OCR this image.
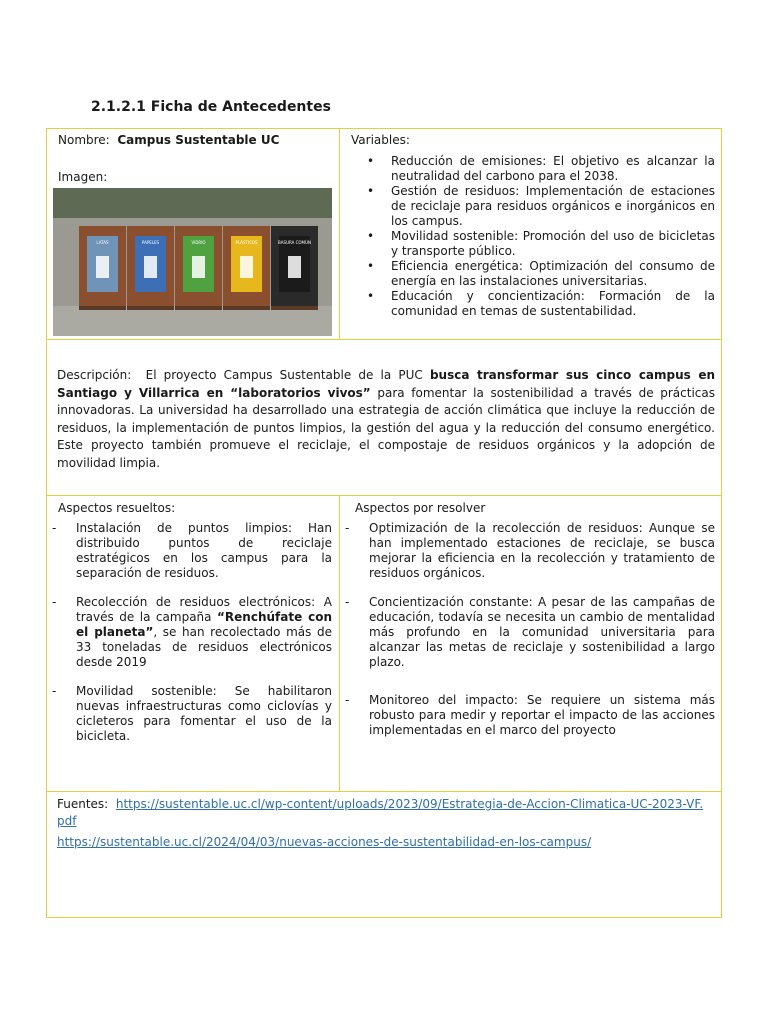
2.1.2.1 Ficha de Antecedentes
Nombre: Campus Sustentable UC
Imagen:
LATAS	PAPELES	VIDRIO	PLÁSTICOS	BASURA COMÚN
Variables:
• Reducción de emisiones: El objetivo es alcanzar la neutralidad del carbono para el 2038.
• Gestión de residuos: Implementación de estaciones de reciclaje para residuos orgánicos e inorgánicos en los campus.
• Movilidad sostenible: Promoción del uso de bicicletas y transporte público.
• Eficiencia energética: Optimización del consumo de energía en las instalaciones universitarias.
• Educación y concientización: Formación de la comunidad en temas de sustentabilidad.
Descripción: El proyecto Campus Sustentable de la PUC busca transformar sus cinco campus en Santiago y Villarrica en “laboratorios vivos” para fomentar la sostenibilidad a través de prácticas innovadoras. La universidad ha desarrollado una estrategia de acción climática que incluye la reducción de residuos, la implementación de puntos limpios, la gestión del agua y la reducción del consumo energético. Este proyecto también promueve el reciclaje, el compostaje de residuos orgánicos y la adopción de movilidad limpia.
Aspectos resueltos:
- Instalación de puntos limpios: Han distribuido puntos de reciclaje estratégicos en los campus para la separación de residuos.
- Recolección de residuos electrónicos: A través de la campaña “Renchúfate con el planeta”, se han recolectado más de 33 toneladas de residuos electrónicos desde 2019
- Movilidad sostenible: Se habilitaron nuevas infraestructuras como ciclovías y cicleteros para fomentar el uso de la bicicleta.
Aspectos por resolver
- Optimización de la recolección de residuos: Aunque se han implementado estaciones de reciclaje, se busca mejorar la eficiencia en la recolección y tratamiento de residuos orgánicos.
- Concientización constante: A pesar de las campañas de educación, todavía se necesita un cambio de mentalidad más profundo en la comunidad universitaria para alcanzar las metas de reciclaje y sostenibilidad a largo plazo.
- Monitoreo del impacto: Se requiere un sistema más robusto para medir y reportar el impacto de las acciones implementadas en el marco del proyecto
Fuentes: https://sustentable.uc.cl/wp-content/uploads/2023/09/Estrategia-de-Accion-Climatica-UC-2023-VF.pdf
https://sustentable.uc.cl/2024/04/03/nuevas-acciones-de-sustentabilidad-en-los-campus/
